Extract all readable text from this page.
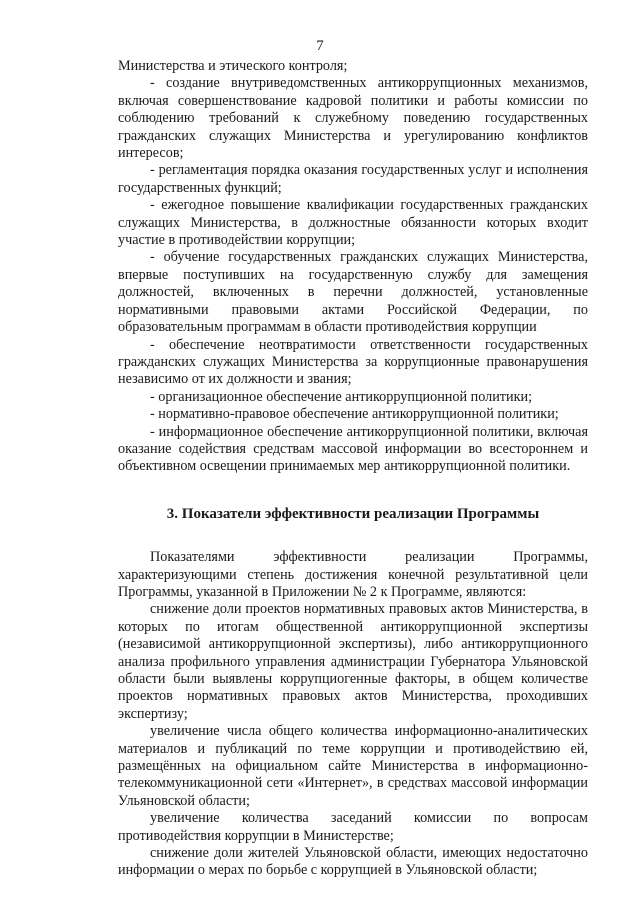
7

Министерства и этического контроля;

- создание внутриведомственных антикоррупционных механизмов, включая совершенствование кадровой политики и работы комиссии по соблюдению требований к служебному поведению государственных гражданских служащих Министерства и урегулированию конфликтов интересов;

- регламентация порядка оказания государственных услуг и исполнения государственных функций;

- ежегодное повышение квалификации государственных гражданских служащих Министерства, в должностные обязанности которых входит участие в противодействии коррупции;

- обучение государственных гражданских служащих Министерства, впервые поступивших на государственную службу для замещения должностей, включенных в перечни должностей, установленные нормативными правовыми актами Российской Федерации, по образовательным программам в области противодействия коррупции

- обеспечение неотвратимости ответственности государственных гражданских служащих Министерства за коррупционные правонарушения независимо от их должности и звания;

- организационное обеспечение антикоррупционной политики;

- нормативно-правовое обеспечение антикоррупционной политики;

- информационное обеспечение антикоррупционной политики, включая оказание содействия средствам массовой информации во всестороннем и объективном освещении принимаемых мер антикоррупционной политики.

3. Показатели эффективности реализации Программы

Показателями эффективности реализации Программы, характеризующими степень достижения конечной результативной цели Программы, указанной в Приложении № 2 к Программе, являются:

снижение доли проектов нормативных правовых актов Министерства, в которых по итогам общественной антикоррупционной экспертизы (независимой антикоррупционной экспертизы), либо антикоррупционного анализа профильного управления администрации Губернатора Ульяновской области были выявлены коррупциогенные факторы, в общем количестве проектов нормативных правовых актов Министерства, проходивших экспертизу;

увеличение числа общего количества информационно-аналитических материалов и публикаций по теме коррупции и противодействию ей, размещённых на официальном сайте Министерства в информационно-телекоммуникационной сети «Интернет», в средствах массовой информации Ульяновской области;

увеличение количества заседаний комиссии по вопросам противодействия коррупции в Министерстве;

снижение доли жителей Ульяновской области, имеющих недостаточно информации о мерах по борьбе с коррупцией в Ульяновской области;
